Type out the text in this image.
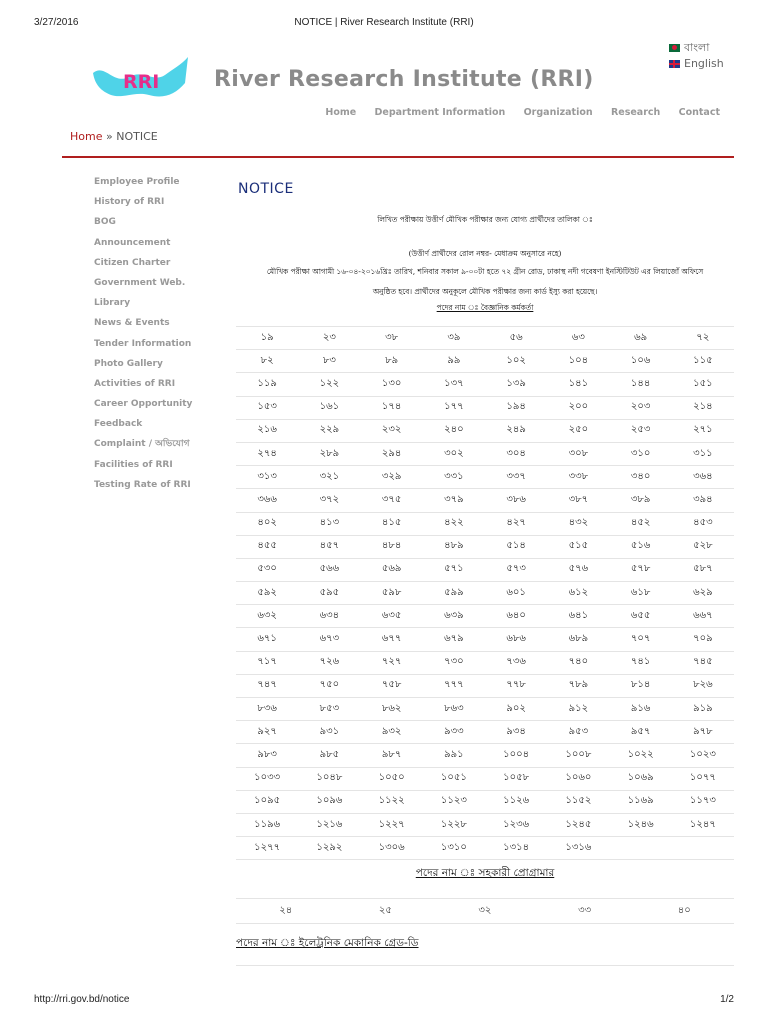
3/27/2016	NOTICE | River Research Institute (RRI)
বাংলা
English
RRI River Research Institute (RRI)
Home Department Information Organization Research Contact
Home » NOTICE
Employee Profile
History of RRI
BOG
Announcement
Citizen Charter
Government Web.
Library
News & Events
Tender Information
Photo Gallery
Activities of RRI
Career Opportunity
Feedback
Complaint / অভিযোগ
Facilities of RRI
Testing Rate of RRI
NOTICE
লিখিত পরীক্ষায় উত্তীর্ণ মৌখিক পরীক্ষার জন্য যোগ্য প্রার্থীদের তালিকা ঃ
(উত্তীর্ণ প্রার্থীদের রোল নম্বর- মেধাক্রম অনুসারে নহে)
মৌখিক পরীক্ষা আগামী ১৬-০৪-২০১৬খ্রিঃ তারিখ, শনিবার সকাল ৯-০০টা হতে ৭২ গ্রীন রোড, ঢাকাস্থ নদী গবেষণা ইনস্টিটিউট এর লিয়াজোঁ অফিসে
অনুষ্ঠিত হবে। প্রার্থীদের অনুকূলে মৌখিক পরীক্ষার জন্য কার্ড ইস্যু করা হয়েছে।
পদের নাম ঃ বৈজ্ঞানিক কর্মকর্তা
১৯	২৩	৩৮	৩৯	৫৬	৬৩	৬৯	৭২
৮২	৮৩	৮৯	৯৯	১০২	১০৪	১০৬	১১৫
১১৯	১২২	১৩০	১৩৭	১৩৯	১৪১	১৪৪	১৫১
১৫৩	১৬১	১৭৪	১৭৭	১৯৪	২০০	২০৩	২১৪
২১৬	২২৯	২৩২	২৪০	২৪৯	২৫০	২৫৩	২৭১
২৭৪	২৮৯	২৯৪	৩০২	৩০৪	৩০৮	৩১০	৩১১
৩১৩	৩২১	৩২৯	৩৩১	৩৩৭	৩৩৮	৩৪০	৩৬৪
৩৬৬	৩৭২	৩৭৫	৩৭৯	৩৮৬	৩৮৭	৩৮৯	৩৯৪
৪০২	৪১৩	৪১৫	৪২২	৪২৭	৪৩২	৪৫২	৪৫৩
৪৫৫	৪৫৭	৪৮৪	৪৮৯	৫১৪	৫১৫	৫১৬	৫২৮
৫৩০	৫৬৬	৫৬৯	৫৭১	৫৭৩	৫৭৬	৫৭৮	৫৮৭
৫৯২	৫৯৫	৫৯৮	৫৯৯	৬০১	৬১২	৬১৮	৬২৯
৬৩২	৬৩৪	৬৩৫	৬৩৯	৬৪০	৬৪১	৬৫৫	৬৬৭
৬৭১	৬৭৩	৬৭৭	৬৭৯	৬৮৬	৬৮৯	৭০৭	৭০৯
৭১৭	৭২৬	৭২৭	৭৩০	৭৩৬	৭৪০	৭৪১	৭৪৫
৭৪৭	৭৫০	৭৫৮	৭৭৭	৭৭৮	৭৮৯	৮১৪	৮২৬
৮৩৬	৮৫৩	৮৬২	৮৬৩	৯০২	৯১২	৯১৬	৯১৯
৯২৭	৯৩১	৯৩২	৯৩৩	৯৩৪	৯৫৩	৯৫৭	৯৭৮
৯৮৩	৯৮৫	৯৮৭	৯৯১	১০০৪	১০০৮	১০২২	১০২৩
১০৩৩	১০৪৮	১০৫০	১০৫১	১০৫৮	১০৬০	১০৬৯	১০৭৭
১০৯৫	১০৯৬	১১২২	১১২৩	১১২৬	১১৫২	১১৬৯	১১৭৩
১১৯৬	১২১৬	১২২৭	১২২৮	১২৩৬	১২৪৫	১২৪৬	১২৪৭
১২৭৭	১২৯২	১৩০৬	১৩১০	১৩১৪	১৩১৬		
পদের নাম ঃ সহকারী প্রোগ্রামার
২৪	২৫	৩২	৩৩	৪০
পদের নাম ঃ ইলেট্রনিক মেকানিক গ্রেড-ডি
http://rri.gov.bd/notice	1/2
